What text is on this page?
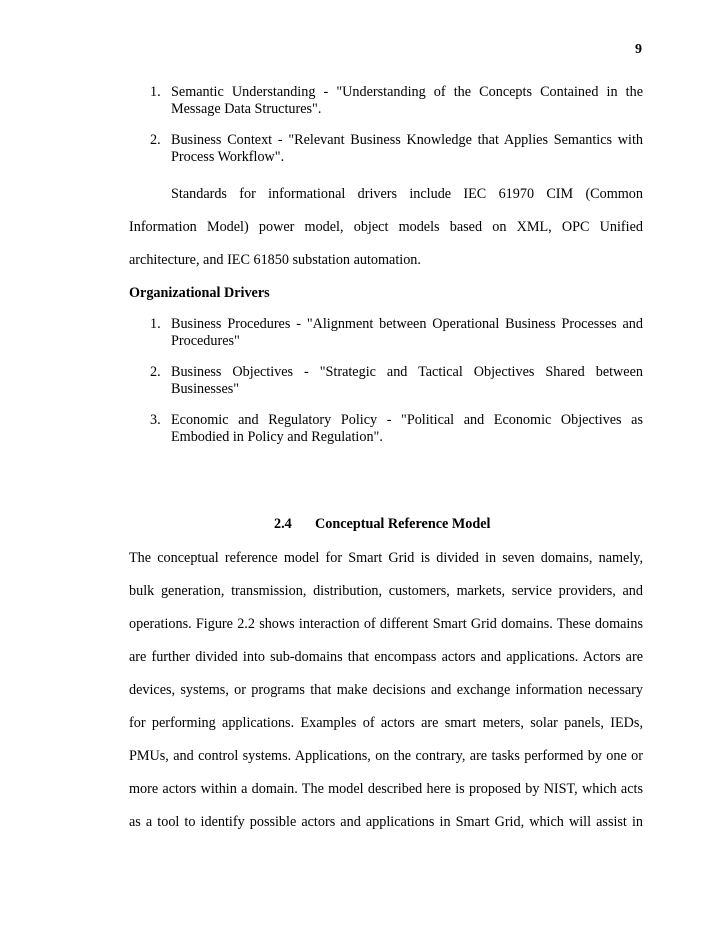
9
1. Semantic Understanding - "Understanding of the Concepts Contained in the Message Data Structures".
2. Business Context - "Relevant Business Knowledge that Applies Semantics with Process Workflow".

Standards for informational drivers include IEC 61970 CIM (Common

Information Model) power model, object models based on XML, OPC Unified

architecture, and IEC 61850 substation automation.

Organizational Drivers

1. Business Procedures - "Alignment between Operational Business Processes and Procedures"
2. Business Objectives - "Strategic and Tactical Objectives Shared between Businesses"
3. Economic and Regulatory Policy - "Political and Economic Objectives as Embodied in Policy and Regulation".

2.4 Conceptual Reference Model

The conceptual reference model for Smart Grid is divided in seven domains, namely,

bulk generation, transmission, distribution, customers, markets, service providers, and

operations. Figure 2.2 shows interaction of different Smart Grid domains. These domains

are further divided into sub-domains that encompass actors and applications. Actors are

devices, systems, or programs that make decisions and exchange information necessary

for performing applications. Examples of actors are smart meters, solar panels, IEDs,

PMUs, and control systems. Applications, on the contrary, are tasks performed by one or

more actors within a domain. The model described here is proposed by NIST, which acts

as a tool to identify possible actors and applications in Smart Grid, which will assist in
